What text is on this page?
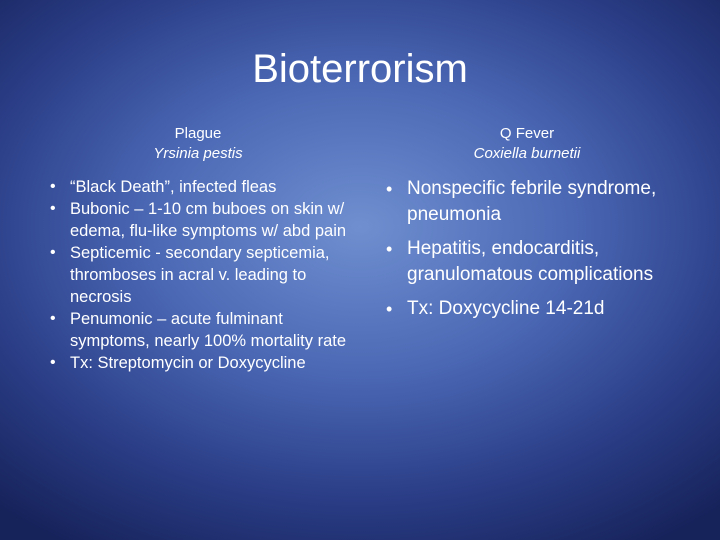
Bioterrorism
Plague
Yrsinia pestis
• “Black Death”, infected fleas
• Bubonic – 1-10 cm buboes on skin w/ edema, flu-like symptoms w/ abd pain
• Septicemic - secondary septicemia, thromboses in acral v. leading to necrosis
• Penumonic – acute fulminant symptoms, nearly 100% mortality rate
• Tx: Streptomycin or Doxycycline
Q Fever
Coxiella burnetii
• Nonspecific febrile syndrome, pneumonia
• Hepatitis, endocarditis, granulomatous complications
• Tx: Doxycycline 14-21d
